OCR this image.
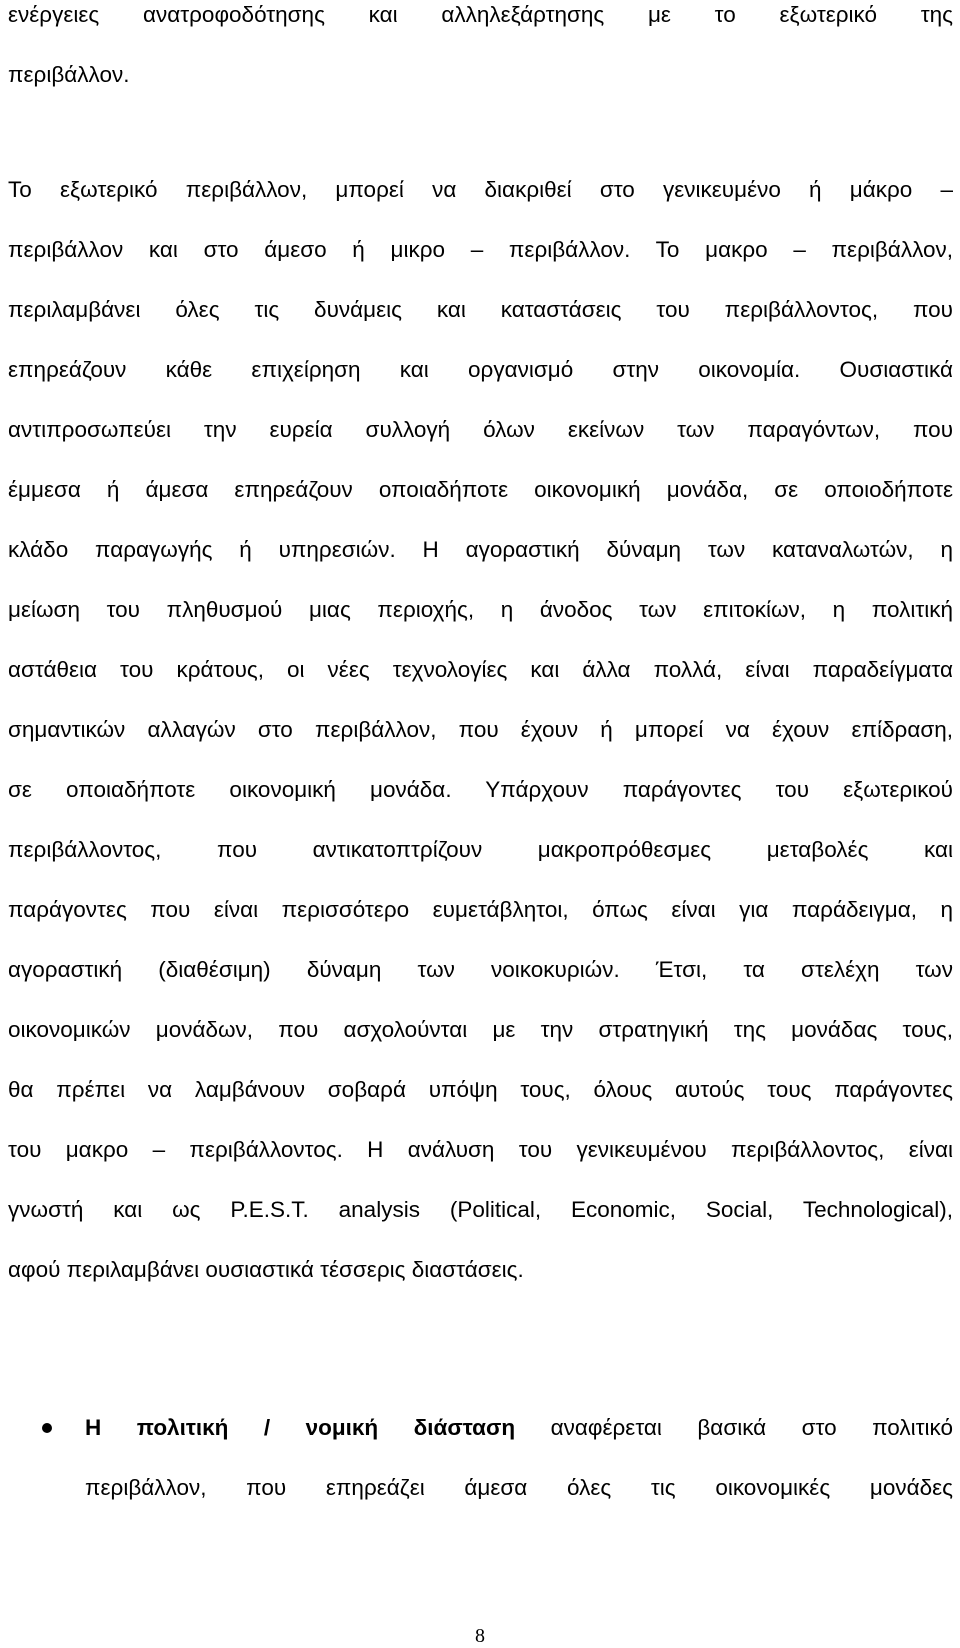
ενέργειες ανατροφοδότησης και αλληλεξάρτησης με το εξωτερικό της
περιβάλλον.
Το εξωτερικό περιβάλλον, μπορεί να διακριθεί στο γενικευμένο ή μάκρο –
περιβάλλον και στο άμεσο ή μικρο – περιβάλλον. Το μακρο – περιβάλλον,
περιλαμβάνει όλες τις δυνάμεις και καταστάσεις του περιβάλλοντος, που
επηρεάζουν κάθε επιχείρηση και οργανισμό στην οικονομία. Ουσιαστικά
αντιπροσωπεύει την ευρεία συλλογή όλων εκείνων των παραγόντων, που
έμμεσα ή άμεσα επηρεάζουν οποιαδήποτε οικονομική μονάδα, σε οποιοδήποτε
κλάδο παραγωγής ή υπηρεσιών. Η αγοραστική δύναμη των καταναλωτών, η
μείωση του πληθυσμού μιας περιοχής, η άνοδος των επιτοκίων, η πολιτική
αστάθεια του κράτους, οι νέες τεχνολογίες και άλλα πολλά, είναι παραδείγματα
σημαντικών αλλαγών στο περιβάλλον, που έχουν ή μπορεί να έχουν επίδραση,
σε οποιαδήποτε οικονομική μονάδα. Υπάρχουν παράγοντες του εξωτερικού
περιβάλλοντος, που αντικατοπτρίζουν μακροπρόθεσμες μεταβολές και
παράγοντες που είναι περισσότερο ευμετάβλητοι, όπως είναι για παράδειγμα, η
αγοραστική (διαθέσιμη) δύναμη των νοικοκυριών. Έτσι, τα στελέχη των
οικονομικών μονάδων, που ασχολούνται με την στρατηγική της μονάδας τους,
θα πρέπει να λαμβάνουν σοβαρά υπόψη τους, όλους αυτούς τους παράγοντες
του μακρο – περιβάλλοντος. Η ανάλυση του γενικευμένου περιβάλλοντος, είναι
γνωστή και ως P.E.S.T. analysis (Political, Economic, Social, Technological),
αφού περιλαμβάνει ουσιαστικά τέσσερις διαστάσεις.
Η πολιτική / νομική διάσταση αναφέρεται βασικά στο πολιτικό
περιβάλλον, που επηρεάζει άμεσα όλες τις οικονομικές μονάδες
8
